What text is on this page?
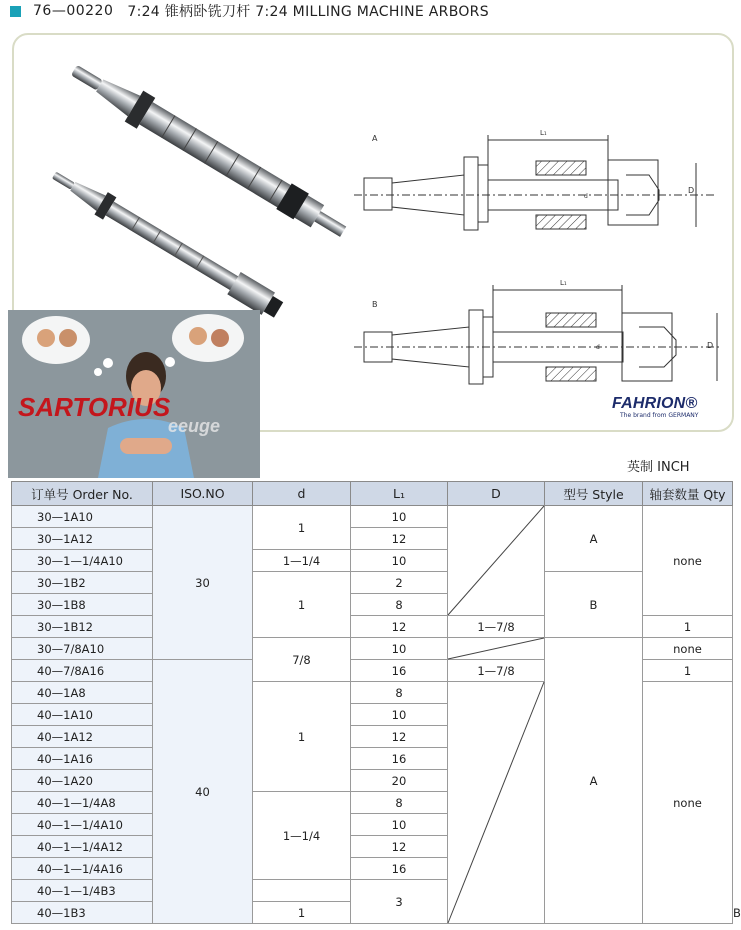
76—00220 7:24 锥柄卧铣刀杆 7:24 MILLING MACHINE ARBORS
A
L₁
D
d
B
L₁
D
d
SARTORIUS
eeuge
FAHRION®
The brand from GERMANY
英制 INCH
订单号 Order No.	ISO.NO	d	L₁	D	型号 Style	轴套数量 Qty	
30—1A10	30	1	10		A	none	
30—1A12			12				
30—1—1/4A10		1—1/4	10				
30—1B2		1	2		B		
30—1B8			8				
30—1B12			12	1—7/8		1	
30—7/8A10		7/8	10		A	none	
40—7/8A16	40		16	1—7/8		1	
40—1A8		1	8			none	
40—1A10			10				
40—1A12			12				
40—1A16			16				
40—1A20			20				
40—1—1/4A8		1—1/4	8				
40—1—1/4A10			10				
40—1—1/4A12			12				
40—1—1/4A16			16				
40—1—1/4B3			3				
40—1B3		1					B
